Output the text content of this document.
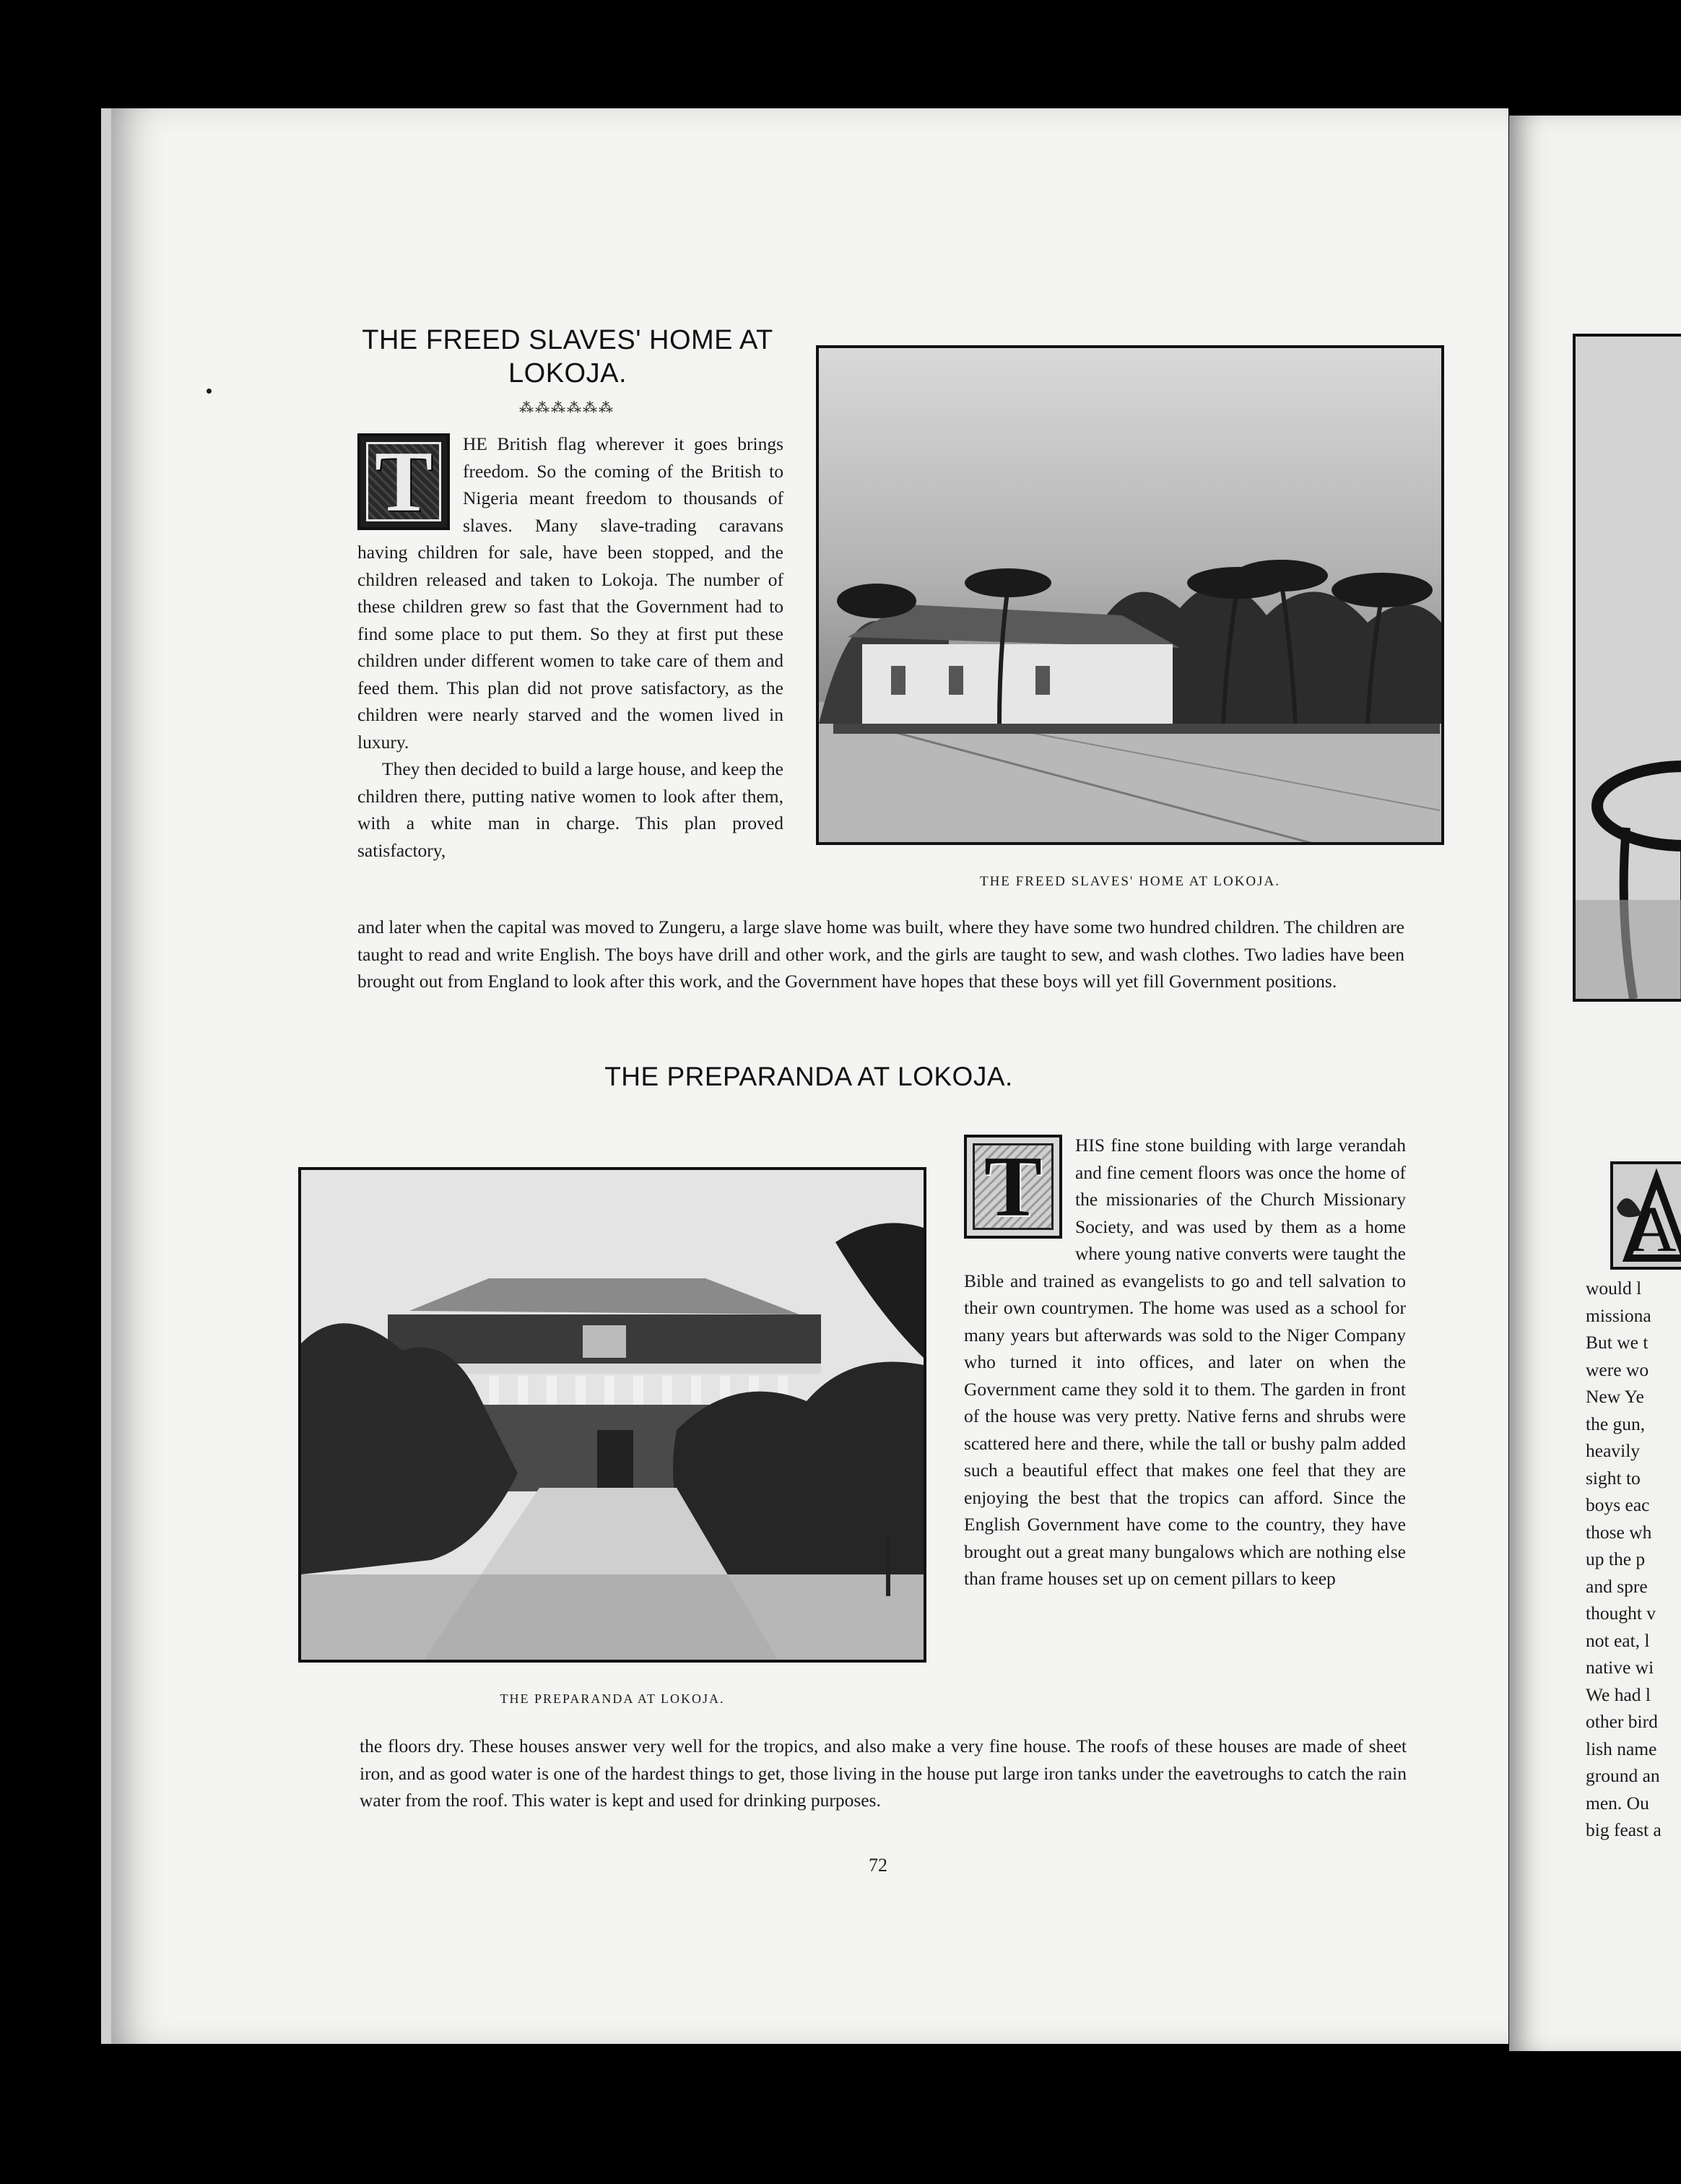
THE FREED SLAVES' HOME AT
LOKOJA.
⁂⁂⁂⁂⁂⁂
T	HE British flag wherever it goes brings freedom. So the coming of the British to Nigeria meant freedom to thousands of slaves. Many slave-trading caravans having children for sale, have been stopped, and the children released and taken to Lokoja. The number of these children grew so fast that the Government had to find some place to put them. So they at first put these children under different women to take care of them and feed them. This plan did not prove satisfactory, as the children were nearly starved and the women lived in luxury.

They then decided to build a large house, and keep the children there, putting native women to look after them, with a white man in charge. This plan proved satisfactory,

THE FREED SLAVES' HOME AT LOKOJA.

and later when the capital was moved to Zungeru, a large slave home was built, where they have some two hundred children. The children are taught to read and write English. The boys have drill and other work, and the girls are taught to sew, and wash clothes. Two ladies have been brought out from England to look after this work, and the Government have hopes that these boys will yet fill Government positions.

THE PREPARANDA AT LOKOJA.
THE PREPARANDA AT LOKOJA.
T	HIS fine stone building with large verandah and fine cement floors was once the home of the missionaries of the Church Missionary Society, and was used by them as a home where young native converts were taught the Bible and trained as evangelists to go and tell salvation to their own countrymen. The home was used as a school for many years but afterwards was sold to the Niger Company who turned it into offices, and later on when the Government came they sold it to them. The garden in front of the house was very pretty. Native ferns and shrubs were scattered here and there, while the tall or bushy palm added such a beautiful effect that makes one feel that they are enjoying the best that the tropics can afford. Since the English Government have come to the country, they have brought out a great many bungalows which are nothing else than frame houses set up on cement pillars to keep

the floors dry. These houses answer very well for the tropics, and also make a very fine house. The roofs of these houses are made of sheet iron, and as good water is one of the hardest things to get, those living in the house put large iron tanks under the eavetroughs to catch the rain water from the roof. This water is kept and used for drinking purposes.

72
A
would l
missiona
But we t
were wo
New Ye
the gun,
heavily
sight to
boys eac
those wh
up the p
and spre
thought v
not eat, l
native wi
We had l
other bird
lish name
ground an
men. Ou
big feast a
